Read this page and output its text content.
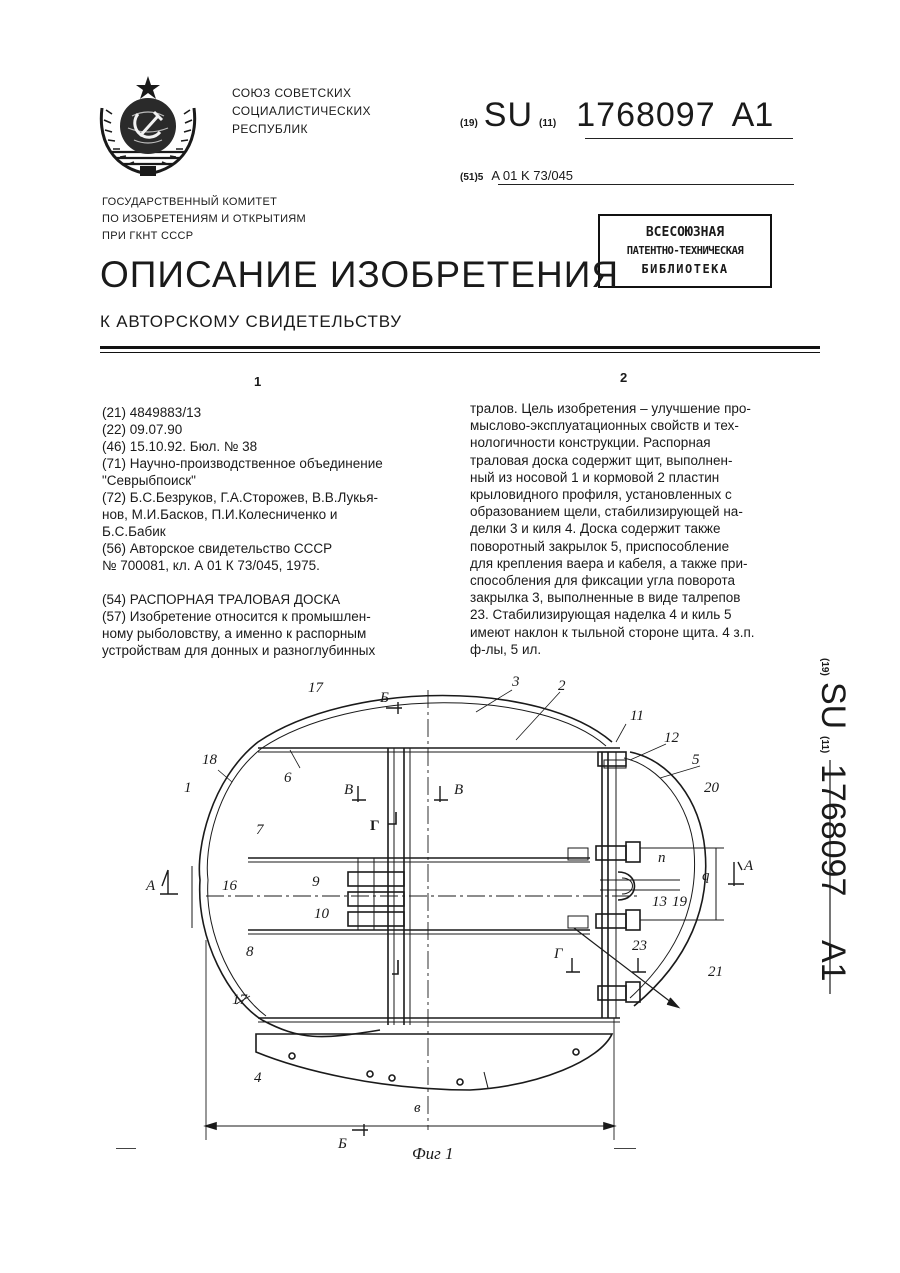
СОЮЗ СОВЕТСКИХ
СОЦИАЛИСТИЧЕСКИХ
РЕСПУБЛИК	(19) SU (11) 1768097 A1
(51)5 A 01 K 73/045
ГОСУДАРСТВЕННЫЙ КОМИТЕТ
ПО ИЗОБРЕТЕНИЯМ И ОТКРЫТИЯМ
ПРИ ГКНТ СССР	ВСЕСОЮЗНАЯ
ПАТЕНТНО-ТЕХНИЧЕСКАЯ
БИБЛИОТЕКА
ОПИСАНИЕ ИЗОБРЕТЕНИЯ
К АВТОРСКОМУ СВИДЕТЕЛЬСТВУ
1	2
(21) 4849883/13
(22) 09.07.90
(46) 15.10.92. Бюл. № 38
(71) Научно-производственное объединение
"Севрыбпоиск"
(72) Б.С.Безруков, Г.А.Сторожев, В.В.Лукья-
нов, М.И.Басков, П.И.Колесниченко и
Б.С.Бабик
(56) Авторское свидетельство СССР
№ 700081, кл. А 01 К 73/045, 1975.
(54) РАСПОРНАЯ ТРАЛОВАЯ ДОСКА
(57) Изобретение относится к промышлен-
ному рыболовству, а именно к распорным
устройствам для донных и разноглубинных
тралов. Цель изобретения – улучшение про-
мыслово-эксплуатационных свойств и тех-
нологичности конструкции. Распорная
траловая доска содержит щит, выполнен-
ный из носовой 1 и кормовой 2 пластин
крыловидного профиля, установленных с
образованием щели, стабилизирующей на-
делки 3 и киля 4. Доска содержит также
поворотный закрылок 5, приспособление
для крепления ваера и кабеля, а также при-
способления для фиксации угла поворота
закрылка 3, выполненные в виде талрепов
23. Стабилизирующая наделка 4 и киль 5
имеют наклон к тыльной стороне щита. 4 з.п.
ф-лы, 5 ил.
(19)
SU
(11)
1768097
A1
17
Б
3	2
11
12
5
20
18
1
6
В	В
Г
7
А	16	9
10
8
п
q
А
13 19
23
Г
21
17
4
Б
в
Фиг 1
